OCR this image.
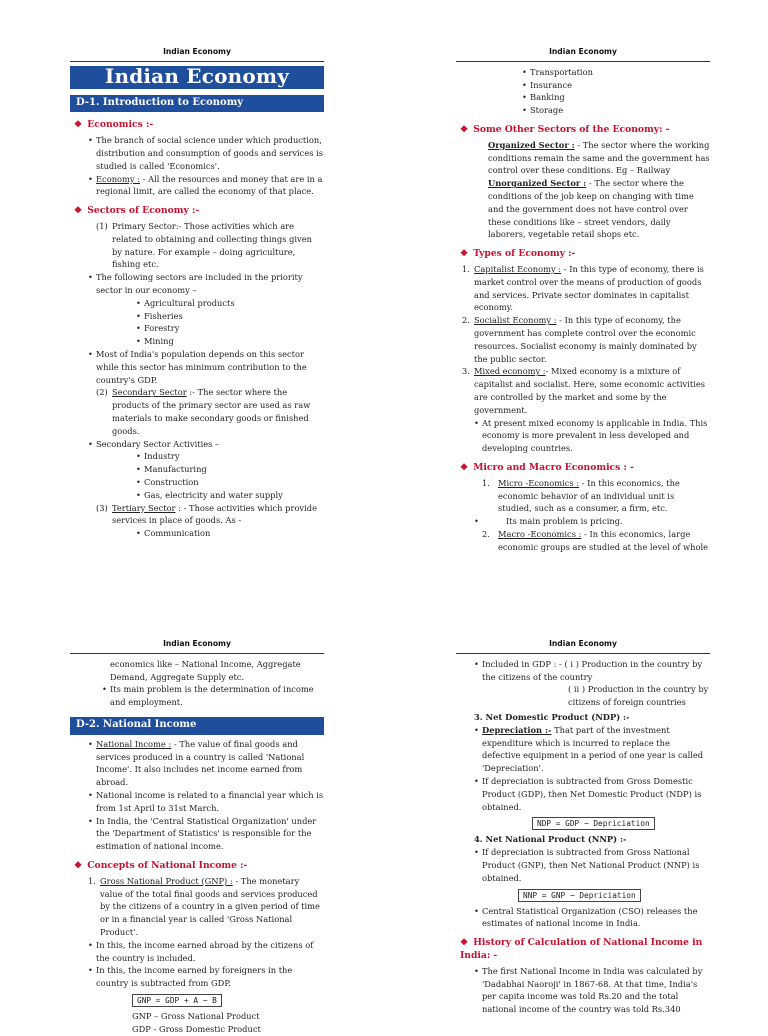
Indian Economy
Indian Economy
D-1. Introduction to Economy
❖ Economics :-
• The branch of social science under which production, distribution and consumption of goods and services is studied is called 'Economics'.
• Economy : - All the resources and money that are in a regional limit, are called the economy of that place.
❖ Sectors of Economy :-
(1) Primary Sector:- Those activities which are related to obtaining and collecting things given by nature. For example – doing agriculture, fishing etc.
• The following sectors are included in the priority sector in our economy –
• Agricultural products
• Fisheries
• Forestry
• Mining
• Most of India's population depends on this sector while this sector has minimum contribution to the country's GDP.
(2) Secondary Sector :- The sector where the products of the primary sector are used as raw materials to make secondary goods or finished goods.
• Secondary Sector Activities –
• Industry
• Manufacturing
• Construction
• Gas, electricity and water supply
(3) Tertiary Sector : - Those activities which provide services in place of goods. As -
• Communication
Indian Economy
• Transportation
• Insurance
• Banking
• Storage
❖ Some Other Sectors of the Economy: -
Organized Sector : - The sector where the working conditions remain the same and the government has control over these conditions. Eg – Railway
Unorganized Sector : - The sector where the conditions of the job keep on changing with time and the government does not have control over these conditions like – street vendors, daily laborers, vegetable retail shops etc.
❖ Types of Economy :-
1. Capitalist Economy : - In this type of economy, there is market control over the means of production of goods and services. Private sector dominates in capitalist economy.
2. Socialist Economy : - In this type of economy, the government has complete control over the economic resources. Socialist economy is mainly dominated by the public sector.
3. Mixed economy :- Mixed economy is a mixture of capitalist and socialist. Here, some economic activities are controlled by the market and some by the government.
• At present mixed economy is applicable in India. This economy is more prevalent in less developed and developing countries.
❖ Micro and Macro Economics : -
1. Micro -Economics : - In this economics, the economic behavior of an individual unit is studied, such as a consumer, a firm, etc.
• Its main problem is pricing.
2. Macro -Economics : - In this economics, large economic groups are studied at the level of whole
Indian Economy
economics like – National Income, Aggregate Demand, Aggregate Supply etc.
• Its main problem is the determination of income and employment.
D-2. National Income
• National Income : - The value of final goods and services produced in a country is called 'National Income'. It also includes net income earned from abroad.
• National income is related to a financial year which is from 1st April to 31st March.
• In India, the 'Central Statistical Organization' under the 'Department of Statistics' is responsible for the estimation of national income.
❖ Concepts of National Income :-
1. Gross National Product (GNP) : - The monetary value of the total final goods and services produced by the citizens of a country in a given period of time or in a financial year is called 'Gross National Product'.
• In this, the income earned abroad by the citizens of the country is included.
• In this, the income earned by foreigners in the country is subtracted from GDP.
GNP = GDP + A − B
GNP – Gross National Product
GDP - Gross Domestic Product
Indian Economy
• Included in GDP : - ( i ) Production in the country by the citizens of the country
( ii ) Production in the country by citizens of foreign countries
3. Net Domestic Product (NDP) :-
• Depreciation :- That part of the investment expenditure which is incurred to replace the defective equipment in a period of one year is called 'Depreciation'.
• If depreciation is subtracted from Gross Domestic Product (GDP), then Net Domestic Product (NDP) is obtained.
NDP = GDP − Depriciation
4. Net National Product (NNP) :-
• If depreciation is subtracted from Gross National Product (GNP), then Net National Product (NNP) is obtained.
NNP = GNP − Depriciation
• Central Statistical Organization (CSO) releases the estimates of national income in India.
❖ History of Calculation of National Income in India: -
• The first National Income in India was calculated by 'Dadabhai Naoroji' in 1867-68. At that time, India's per capita income was told Rs.20 and the total national income of the country was told Rs.340
